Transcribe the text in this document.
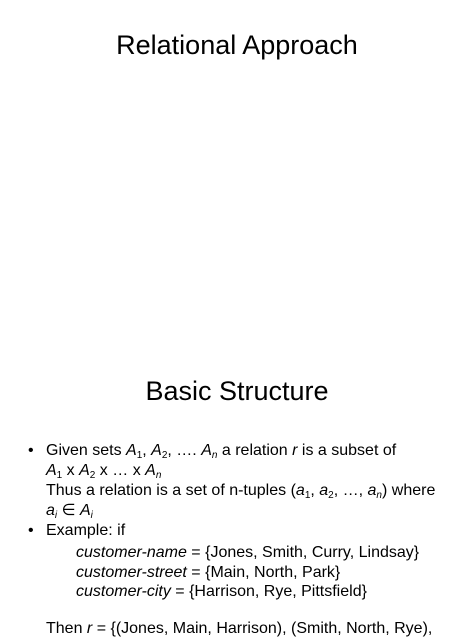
Relational Approach
Basic Structure
• Given sets $A_1$, $A_2$, …. $A_n$ a relation r is a subset of
$A_1$ x $A_2$ x … x $A_n$
Thus a relation is a set of n-tuples ($a_1$, $a_2$, …, $a_n$) where
$a_i$ ∈ $A_i$
• Example: if
customer-name = {Jones, Smith, Curry, Lindsay}
customer-street = {Main, North, Park}
customer-city = {Harrison, Rye, Pittsfield}
Then r = {(Jones, Main, Harrison), (Smith, North, Rye),
